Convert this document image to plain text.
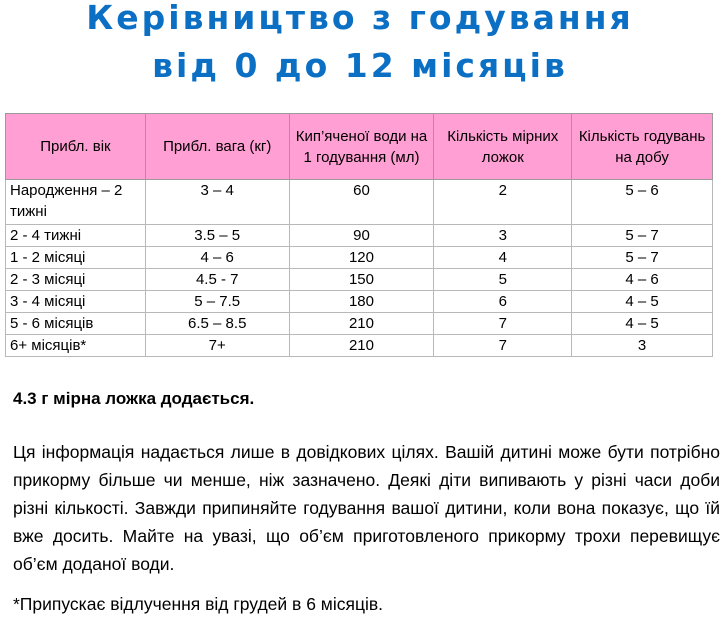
Керівництво з годування
від 0 до 12 місяців
Прибл. вік	Прибл. вага (кг)	Кип’яченої води на 1 годування (мл)	Кількість мірних ложок	Кількість годувань на добу
Народження – 2 тижні	3 – 4	60	2	5 – 6
2 - 4 тижні	3.5 – 5	90	3	5 – 7
1 - 2 місяці	4 – 6	120	4	5 – 7
2 - 3 місяці	4.5 - 7	150	5	4 – 6
3 - 4 місяці	5 – 7.5	180	6	4 – 5
5 - 6 місяців	6.5 – 8.5	210	7	4 – 5
6+ місяців*	7+	210	7	3

4.3 г мірна ложка додається.

Ця інформація надається лише в довідкових цілях. Вашій дитині може бути потрібно прикорму більше чи менше, ніж зазначено. Деякі діти випивають у різні часи доби різні кількості. Завжди припиняйте годування вашої дитини, коли вона показує, що їй вже досить. Майте на увазі, що об’єм приготовленого прикорму трохи перевищує об’єм доданої води.

*Припускає відлучення від грудей в 6 місяців.
